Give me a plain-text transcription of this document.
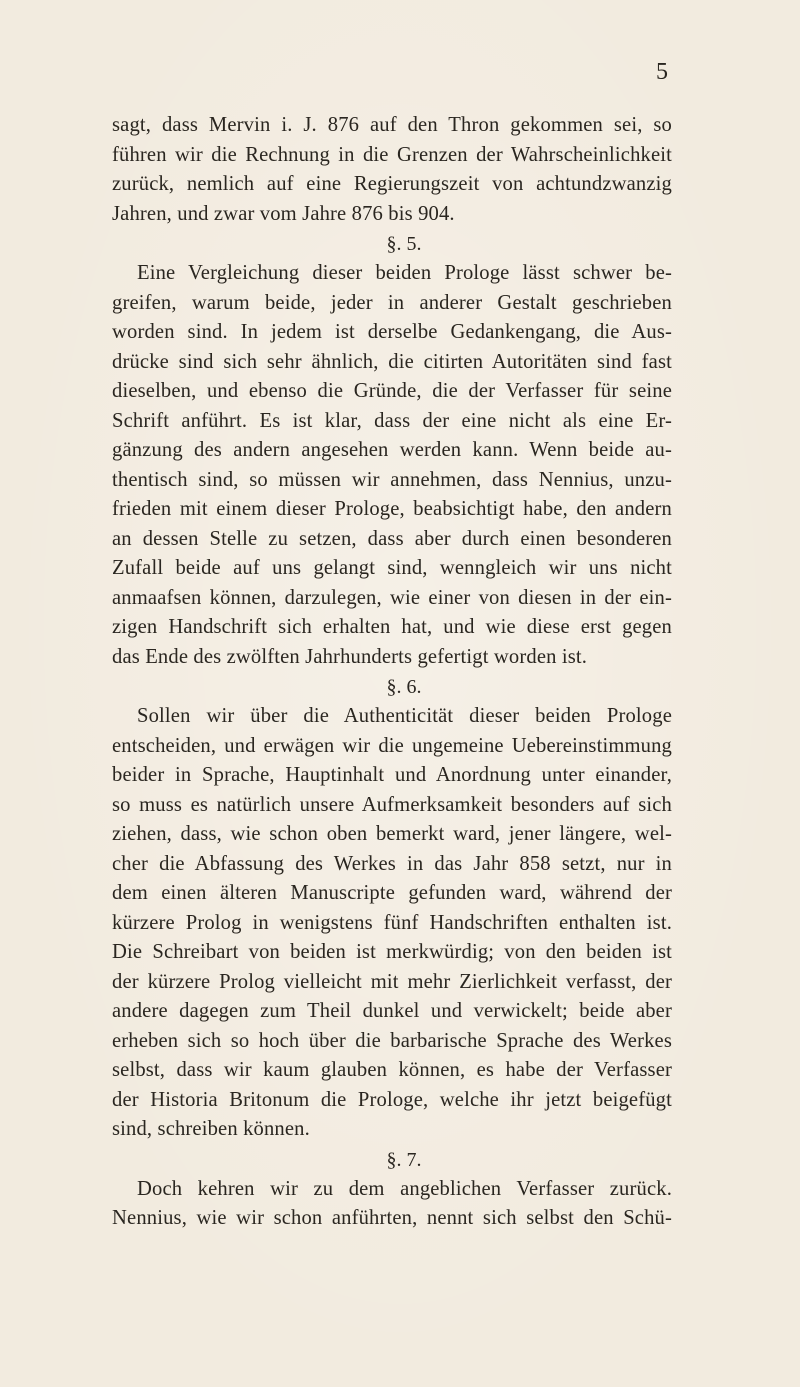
5
sagt, dass Mervin i. J. 876 auf den Thron gekommen sei, so
führen wir die Rechnung in die Grenzen der Wahrscheinlichkeit
zurück, nemlich auf eine Regierungszeit von achtundzwanzig
Jahren, und zwar vom Jahre 876 bis 904.
§. 5.
Eine Vergleichung dieser beiden Prologe lässt schwer be-
greifen, warum beide, jeder in anderer Gestalt geschrieben
worden sind. In jedem ist derselbe Gedankengang, die Aus-
drücke sind sich sehr ähnlich, die citirten Autoritäten sind fast
dieselben, und ebenso die Gründe, die der Verfasser für seine
Schrift anführt. Es ist klar, dass der eine nicht als eine Er-
gänzung des andern angesehen werden kann. Wenn beide au-
thentisch sind, so müssen wir annehmen, dass Nennius, unzu-
frieden mit einem dieser Prologe, beabsichtigt habe, den andern
an dessen Stelle zu setzen, dass aber durch einen besonderen
Zufall beide auf uns gelangt sind, wenngleich wir uns nicht
anmaafsen können, darzulegen, wie einer von diesen in der ein-
zigen Handschrift sich erhalten hat, und wie diese erst gegen
das Ende des zwölften Jahrhunderts gefertigt worden ist.
§. 6.
Sollen wir über die Authenticität dieser beiden Prologe
entscheiden, und erwägen wir die ungemeine Uebereinstimmung
beider in Sprache, Hauptinhalt und Anordnung unter einander,
so muss es natürlich unsere Aufmerksamkeit besonders auf sich
ziehen, dass, wie schon oben bemerkt ward, jener längere, wel-
cher die Abfassung des Werkes in das Jahr 858 setzt, nur in
dem einen älteren Manuscripte gefunden ward, während der
kürzere Prolog in wenigstens fünf Handschriften enthalten ist.
Die Schreibart von beiden ist merkwürdig; von den beiden ist
der kürzere Prolog vielleicht mit mehr Zierlichkeit verfasst, der
andere dagegen zum Theil dunkel und verwickelt; beide aber
erheben sich so hoch über die barbarische Sprache des Werkes
selbst, dass wir kaum glauben können, es habe der Verfasser
der Historia Britonum die Prologe, welche ihr jetzt beigefügt
sind, schreiben können.
§. 7.
Doch kehren wir zu dem angeblichen Verfasser zurück.
Nennius, wie wir schon anführten, nennt sich selbst den Schü-
